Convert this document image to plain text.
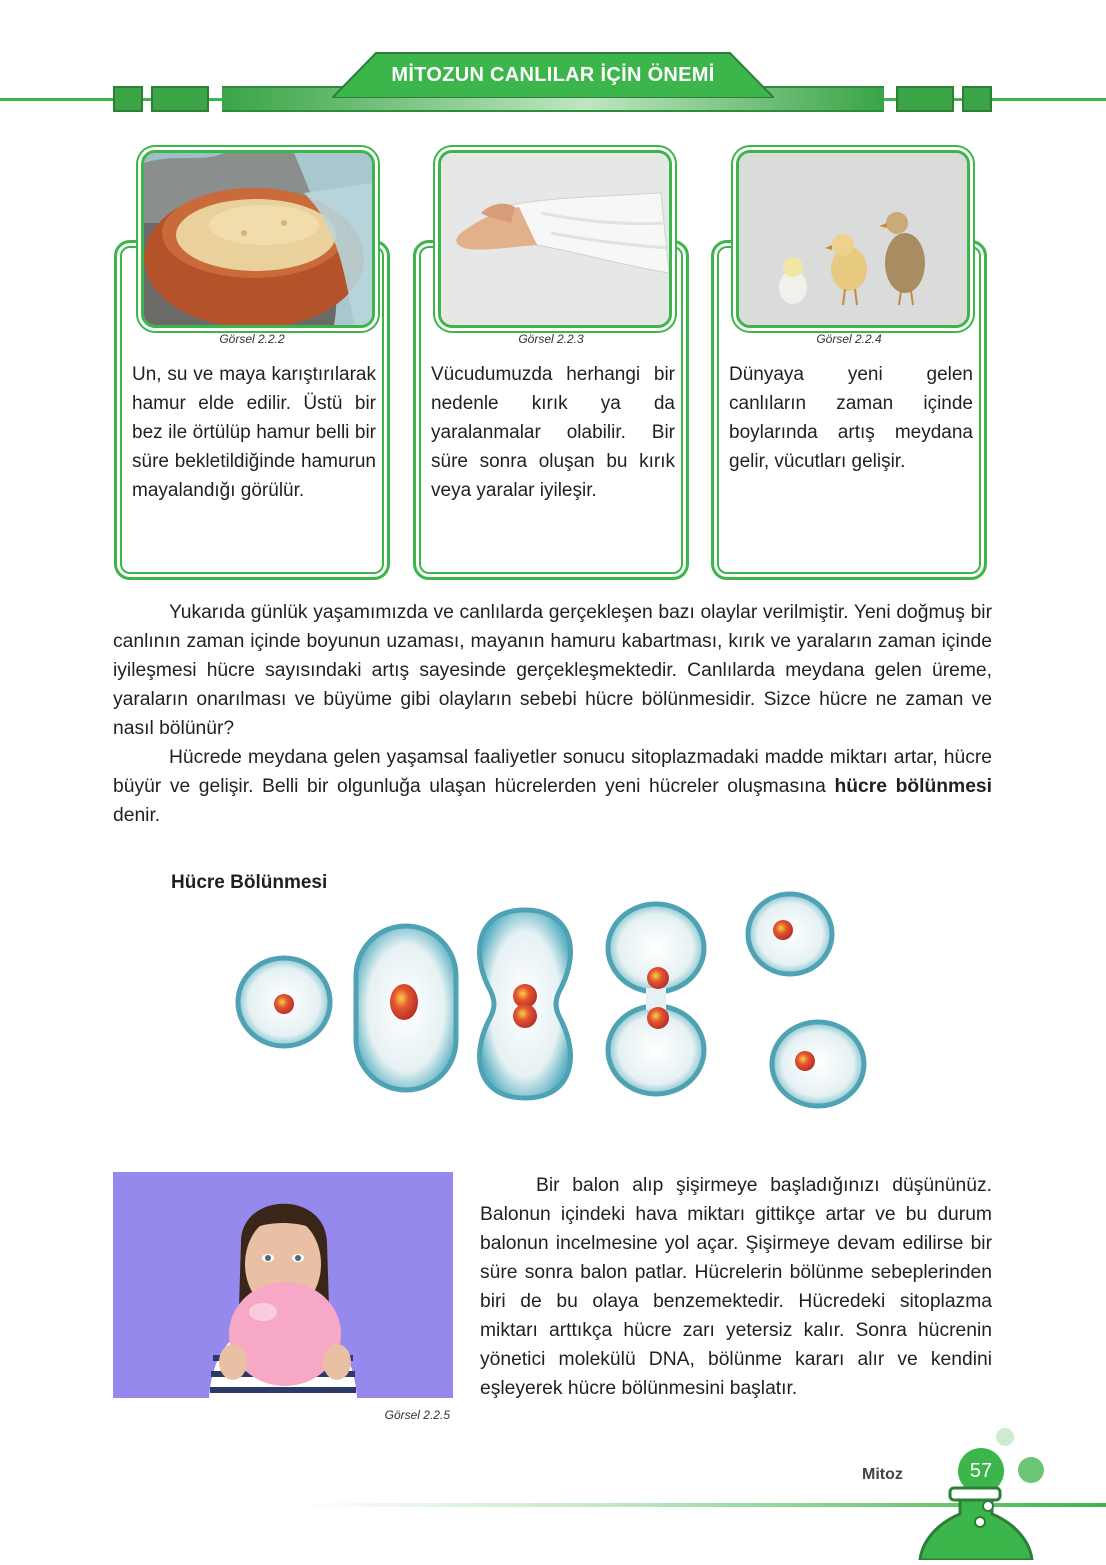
MİTOZUN CANLILAR İÇİN ÖNEMİ
Görsel 2.2.2
Un, su ve maya karıştırılarak hamur elde edilir. Üstü bir bez ile örtülüp hamur belli bir süre bekletildiğinde hamurun mayalandığı görülür.
Görsel 2.2.3
Vücudumuzda herhangi bir nedenle kırık ya da yaralanmalar olabilir. Bir süre sonra oluşan bu kırık veya yaralar iyileşir.
Görsel 2.2.4
Dünyaya yeni gelen canlıların zaman içinde boylarında artış meydana gelir, vücutları gelişir.
Yukarıda günlük yaşamımızda ve canlılarda gerçekleşen bazı olaylar verilmiştir. Yeni doğmuş bir canlının zaman içinde boyunun uzaması, mayanın hamuru kabartması, kırık ve yaraların zaman içinde iyileşmesi hücre sayısındaki artış sayesinde gerçekleşmektedir. Canlılarda meydana gelen üreme, yaraların onarılması ve büyüme gibi olayların sebebi hücre bölünmesidir. Sizce hücre ne zaman ve nasıl bölünür?
Hücrede meydana gelen yaşamsal faaliyetler sonucu sitoplazmadaki madde miktarı artar, hücre büyür ve gelişir. Belli bir olgunluğa ulaşan hücrelerden yeni hücreler oluşmasına hücre bölünmesi denir.
Hücre Bölünmesi
Görsel 2.2.5
Bir balon alıp şişirmeye başladığınızı düşününüz. Balonun içindeki hava miktarı gittikçe artar ve bu durum balonun incelmesine yol açar. Şişirmeye devam edilirse bir süre sonra balon patlar. Hücrelerin bölünme sebeplerinden biri de bu olaya benzemektedir. Hücredeki sitoplazma miktarı arttıkça hücre zarı yetersiz kalır. Sonra hücrenin yönetici molekülü DNA, bölünme kararı alır ve kendini eşleyerek hücre bölünmesini başlatır.
Mitoz	57
